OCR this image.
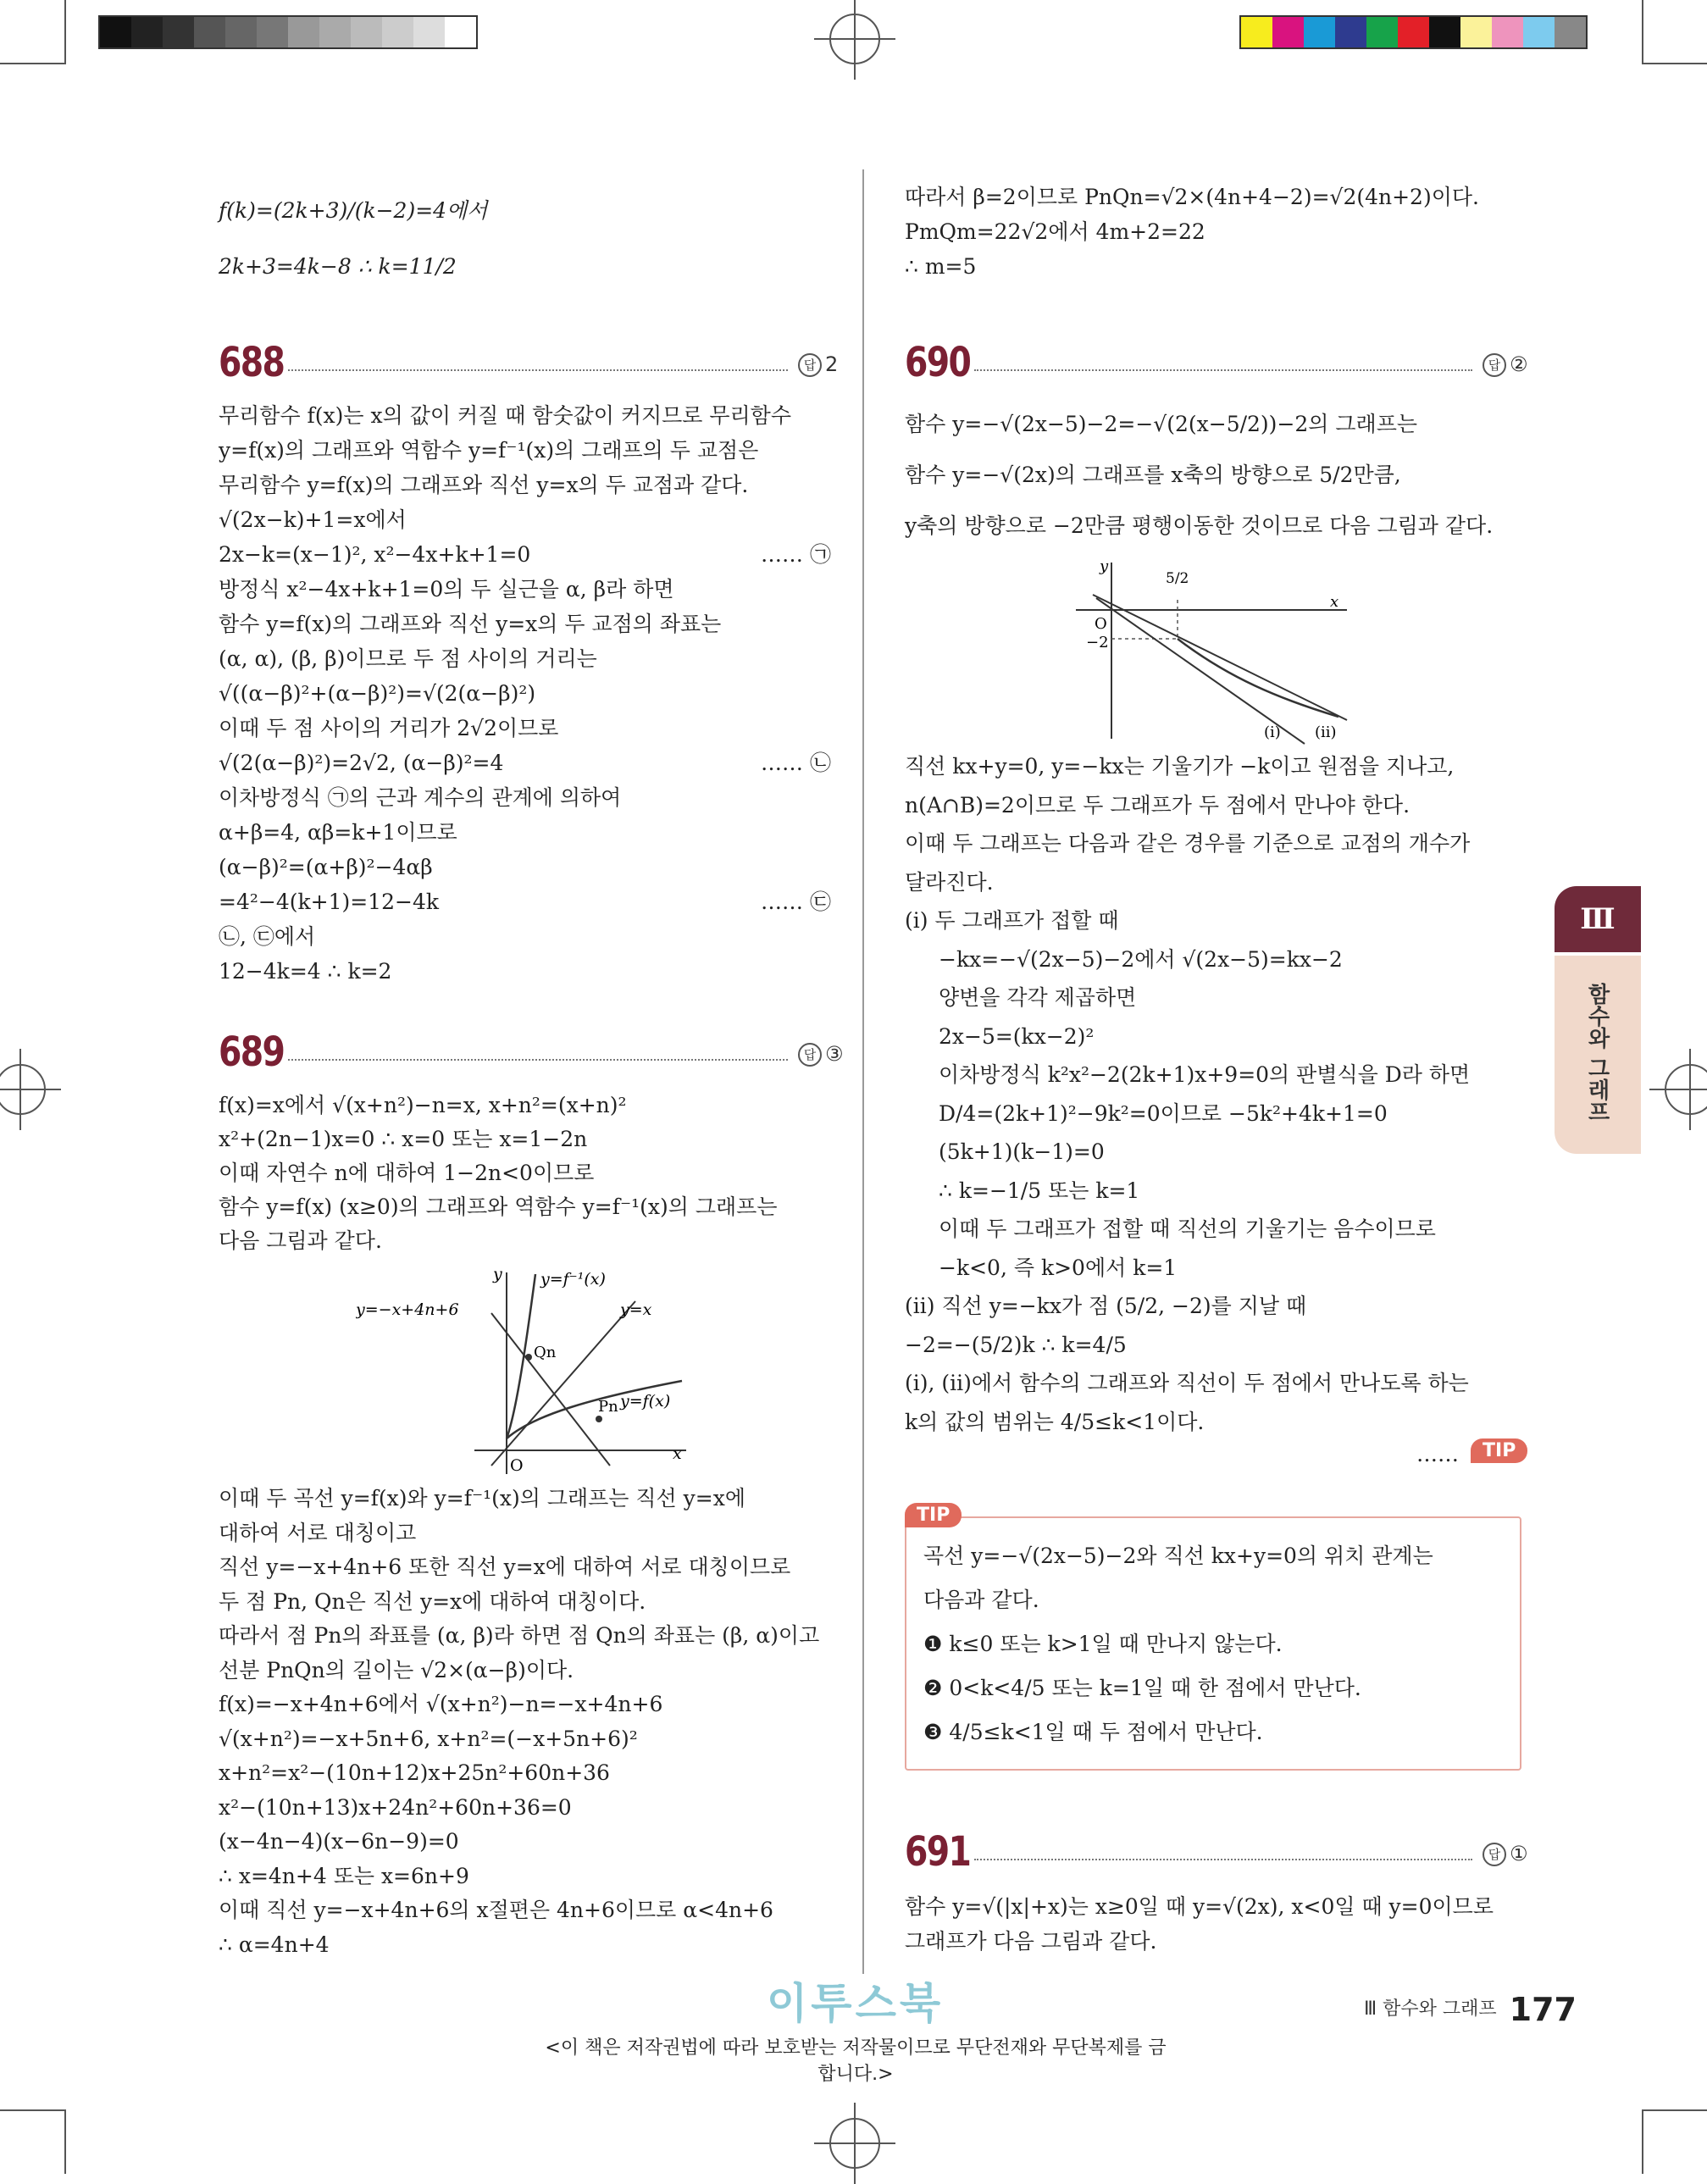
f(k)=(2k+3)/(k−2)=4에서
2k+3=4k−8 ∴ k=11/2
688	답 2
무리함수 f(x)는 x의 값이 커질 때 함숫값이 커지므로 무리함수
y=f(x)의 그래프와 역함수 y=f⁻¹(x)의 그래프의 두 교점은
무리함수 y=f(x)의 그래프와 직선 y=x의 두 교점과 같다.
√(2x−k)+1=x에서
2x−k=(x−1)², x²−4x+k+1=0
방정식 x²−4x+k+1=0의 두 실근을 α, β라 하면
함수 y=f(x)의 그래프와 직선 y=x의 두 교점의 좌표는
(α, α), (β, β)이므로 두 점 사이의 거리는
√((α−β)²+(α−β)²)=√(2(α−β)²)
이때 두 점 사이의 거리가 2√2이므로
√(2(α−β)²)=2√2, (α−β)²=4
이차방정식 ㉠의 근과 계수의 관계에 의하여
α+β=4, αβ=k+1이므로
(α−β)²=(α+β)²−4αβ
=4²−4(k+1)=12−4k
㉡, ㉢에서
12−4k=4 ∴ k=2
…… ㉠
…… ㉡
…… ㉢
689	답 ③
f(x)=x에서 √(x+n²)−n=x, x+n²=(x+n)²
x²+(2n−1)x=0 ∴ x=0 또는 x=1−2n
이때 자연수 n에 대하여 1−2n<0이므로
함수 y=f(x) (x≥0)의 그래프와 역함수 y=f⁻¹(x)의 그래프는
다음 그림과 같다.
y
x
O
y=f⁻¹(x)
y=−x+4n+6	y=x
y=f(x)
Qn
Pn
이때 두 곡선 y=f(x)와 y=f⁻¹(x)의 그래프는 직선 y=x에
대하여 서로 대칭이고
직선 y=−x+4n+6 또한 직선 y=x에 대하여 서로 대칭이므로
두 점 Pn, Qn은 직선 y=x에 대하여 대칭이다.
따라서 점 Pn의 좌표를 (α, β)라 하면 점 Qn의 좌표는 (β, α)이고
선분 PnQn의 길이는 √2×(α−β)이다.
f(x)=−x+4n+6에서 √(x+n²)−n=−x+4n+6
√(x+n²)=−x+5n+6, x+n²=(−x+5n+6)²
x+n²=x²−(10n+12)x+25n²+60n+36
x²−(10n+13)x+24n²+60n+36=0
(x−4n−4)(x−6n−9)=0
∴ x=4n+4 또는 x=6n+9
이때 직선 y=−x+4n+6의 x절편은 4n+6이므로 α<4n+6
∴ α=4n+4
따라서 β=2이므로 PnQn=√2×(4n+4−2)=√2(4n+2)이다.
PmQm=22√2에서 4m+2=22
∴ m=5
690	답 ②
함수 y=−√(2x−5)−2=−√(2(x−5/2))−2의 그래프는
함수 y=−√(2x)의 그래프를 x축의 방향으로 5/2만큼,
y축의 방향으로 −2만큼 평행이동한 것이므로 다음 그림과 같다.
y
x
O
−2
5/2
(i) (ii)
직선 kx+y=0, y=−kx는 기울기가 −k이고 원점을 지나고,
n(A∩B)=2이므로 두 그래프가 두 점에서 만나야 한다.
이때 두 그래프는 다음과 같은 경우를 기준으로 교점의 개수가
달라진다.
(i) 두 그래프가 접할 때
−kx=−√(2x−5)−2에서 √(2x−5)=kx−2
양변을 각각 제곱하면
2x−5=(kx−2)²
이차방정식 k²x²−2(2k+1)x+9=0의 판별식을 D라 하면
D/4=(2k+1)²−9k²=0이므로 −5k²+4k+1=0
(5k+1)(k−1)=0
∴ k=−1/5 또는 k=1
이때 두 그래프가 접할 때 직선의 기울기는 음수이므로
−k<0, 즉 k>0에서 k=1
(ii) 직선 y=−kx가 점 (5/2, −2)를 지날 때
−2=−(5/2)k ∴ k=4/5
(i), (ii)에서 함수의 그래프와 직선이 두 점에서 만나도록 하는
k의 값의 범위는 4/5≤k<1이다.
……	TIP
TIP
곡선 y=−√(2x−5)−2와 직선 kx+y=0의 위치 관계는
다음과 같다.
❶ k≤0 또는 k>1일 때 만나지 않는다.
❷ 0<k<4/5 또는 k=1일 때 한 점에서 만난다.
❸ 4/5≤k<1일 때 두 점에서 만난다.
691	답 ①
함수 y=√(|x|+x)는 x≥0일 때 y=√(2x), x<0일 때 y=0이므로
그래프가 다음 그림과 같다.
Ⅲ
함수와 그래프
이투스북	Ⅲ 함수와 그래프 177
<이 책은 저작권법에 따라 보호받는 저작물이므로 무단전재와 무단복제를 금합니다.>
